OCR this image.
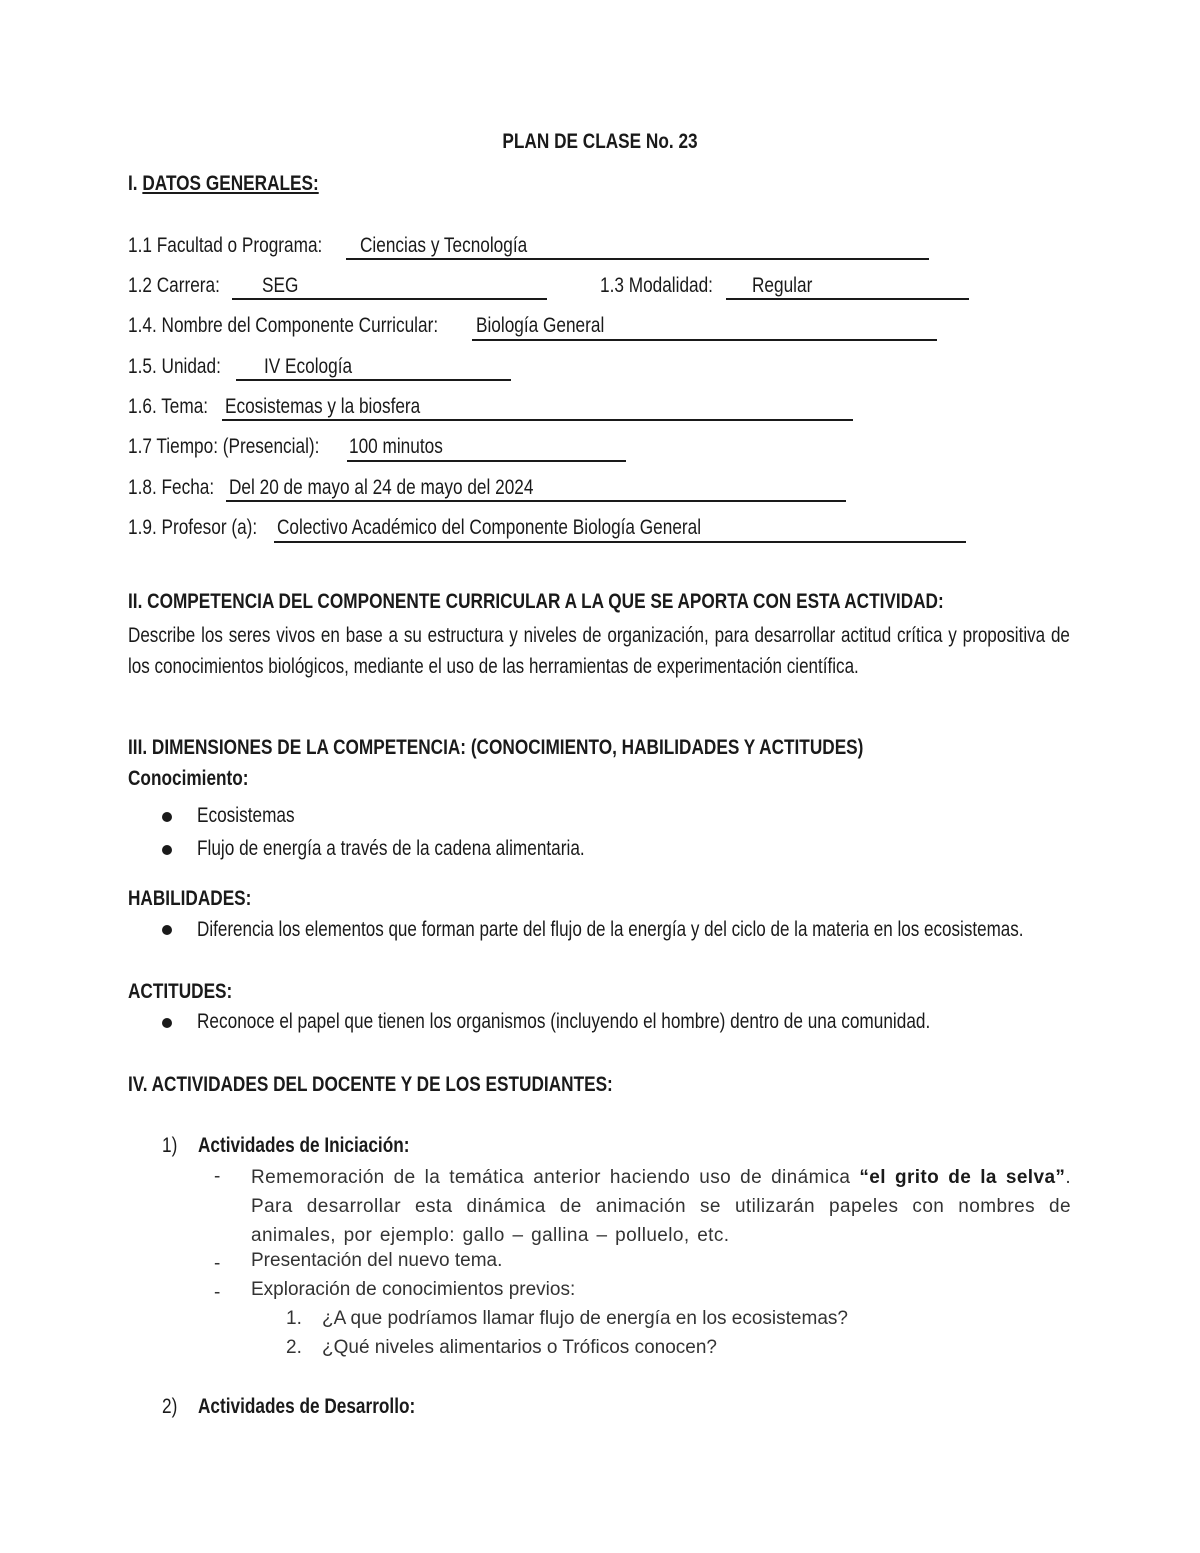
PLAN DE CLASE No. 23
I. DATOS GENERALES:
1.1 Facultad o Programa: Ciencias y Tecnología
1.2 Carrera: SEG	1.3 Modalidad: Regular
1.4. Nombre del Componente Curricular: Biología General
1.5. Unidad: IV Ecología
1.6. Tema: Ecosistemas y la biosfera
1.7 Tiempo: (Presencial): 100 minutos
1.8. Fecha: Del 20 de mayo al 24 de mayo del 2024
1.9. Profesor (a): Colectivo Académico del Componente Biología General
II. COMPETENCIA DEL COMPONENTE CURRICULAR A LA QUE SE APORTA CON ESTA ACTIVIDAD:
Describe los seres vivos en base a su estructura y niveles de organización, para desarrollar actitud crítica y propositiva de los conocimientos biológicos, mediante el uso de las herramientas de experimentación científica.
III. DIMENSIONES DE LA COMPETENCIA: (CONOCIMIENTO, HABILIDADES Y ACTITUDES)
Conocimiento:
Ecosistemas
Flujo de energía a través de la cadena alimentaria.
HABILIDADES:
Diferencia los elementos que forman parte del flujo de la energía y del ciclo de la materia en los ecosistemas.
ACTITUDES:
Reconoce el papel que tienen los organismos (incluyendo el hombre) dentro de una comunidad.
IV. ACTIVIDADES DEL DOCENTE Y DE LOS ESTUDIANTES:
1) Actividades de Iniciación:
- Rememoración de la temática anterior haciendo uso de dinámica “el grito de la selva”. Para desarrollar esta dinámica de animación se utilizarán papeles con nombres de animales, por ejemplo: gallo – gallina – polluelo, etc.
- Presentación del nuevo tema.
- Exploración de conocimientos previos:
1. ¿A que podríamos llamar flujo de energía en los ecosistemas?
2. ¿Qué niveles alimentarios o Tróficos conocen?
2) Actividades de Desarrollo:
